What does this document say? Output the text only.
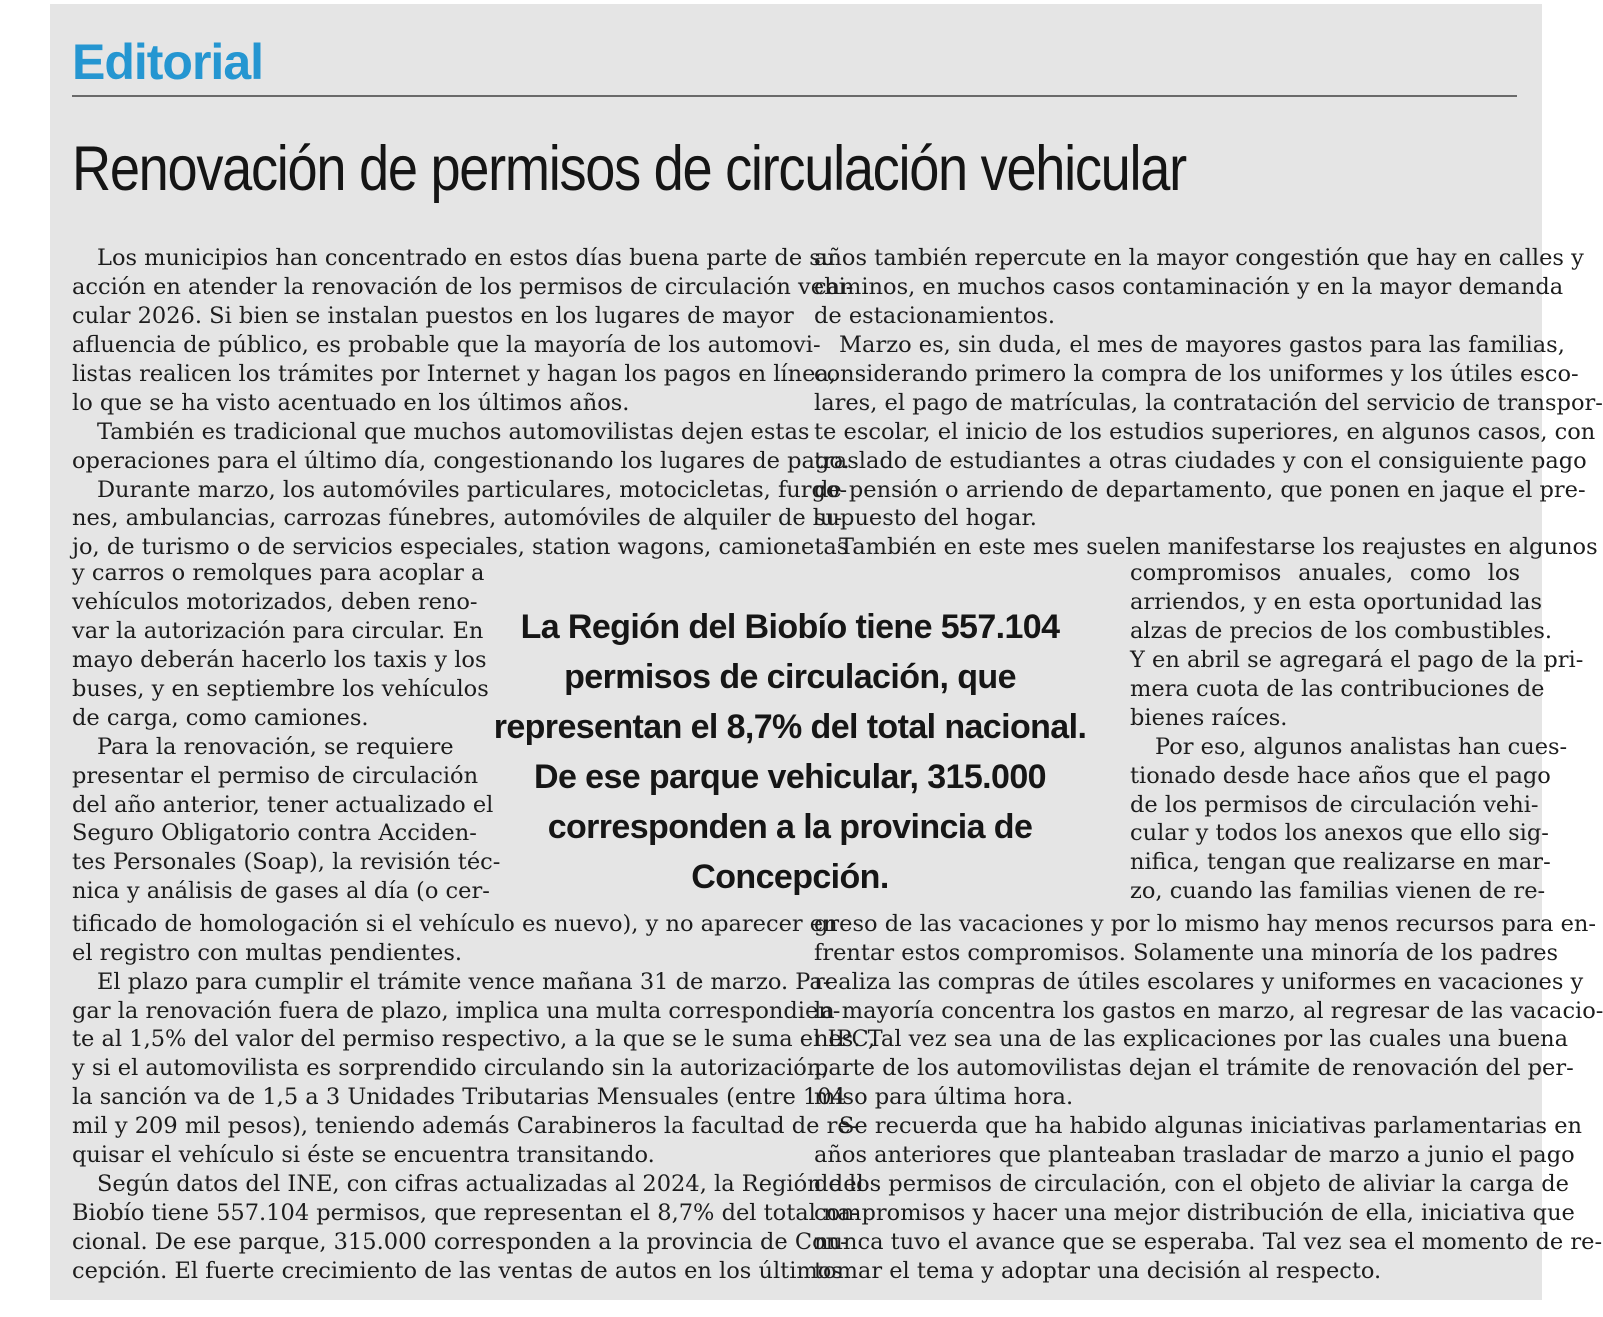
Editorial
Renovación de permisos de circulación vehicular
Los municipios han concentrado en estos días buena parte de su
acción en atender la renovación de los permisos de circulación vehi-
cular 2026. Si bien se instalan puestos en los lugares de mayor
afluencia de público, es probable que la mayoría de los automovi-
listas realicen los trámites por Internet y hagan los pagos en línea,
lo que se ha visto acentuado en los últimos años.
También es tradicional que muchos automovilistas dejen estas
operaciones para el último día, congestionando los lugares de pago.
Durante marzo, los automóviles particulares, motocicletas, furgo-
nes, ambulancias, carrozas fúnebres, automóviles de alquiler de lu-
jo, de turismo o de servicios especiales, station wagons, camionetas
tificado de homologación si el vehículo es nuevo), y no aparecer en
el registro con multas pendientes.
El plazo para cumplir el trámite vence mañana 31 de marzo. Pa-
gar la renovación fuera de plazo, implica una multa correspondien-
te al 1,5% del valor del permiso respectivo, a la que se le suma el IPC,
y si el automovilista es sorprendido circulando sin la autorización,
la sanción va de 1,5 a 3 Unidades Tributarias Mensuales (entre 104
mil y 209 mil pesos), teniendo además Carabineros la facultad de re-
quisar el vehículo si éste se encuentra transitando.
Según datos del INE, con cifras actualizadas al 2024, la Región del
Biobío tiene 557.104 permisos, que representan el 8,7% del total na-
cional. De ese parque, 315.000 corresponden a la provincia de Con-
cepción. El fuerte crecimiento de las ventas de autos en los últimos
y carros o remolques para acoplar a
vehículos motorizados, deben reno-
var la autorización para circular. En
mayo deberán hacerlo los taxis y los
buses, y en septiembre los vehículos
de carga, como camiones.
Para la renovación, se requiere
presentar el permiso de circulación
del año anterior, tener actualizado el
Seguro Obligatorio contra Acciden-
tes Personales (Soap), la revisión téc-
nica y análisis de gases al día (o cer-
años también repercute en la mayor congestión que hay en calles y
caminos, en muchos casos contaminación y en la mayor demanda
de estacionamientos.
Marzo es, sin duda, el mes de mayores gastos para las familias,
considerando primero la compra de los uniformes y los útiles esco-
lares, el pago de matrículas, la contratación del servicio de transpor-
te escolar, el inicio de los estudios superiores, en algunos casos, con
traslado de estudiantes a otras ciudades y con el consiguiente pago
de pensión o arriendo de departamento, que ponen en jaque el pre-
supuesto del hogar.
También en este mes suelen manifestarse los reajustes en algunos
greso de las vacaciones y por lo mismo hay menos recursos para en-
frentar estos compromisos. Solamente una minoría de los padres
realiza las compras de útiles escolares y uniformes en vacaciones y
la mayoría concentra los gastos en marzo, al regresar de las vacacio-
nes. Tal vez sea una de las explicaciones por las cuales una buena
parte de los automovilistas dejan el trámite de renovación del per-
miso para última hora.
Se recuerda que ha habido algunas iniciativas parlamentarias en
años anteriores que planteaban trasladar de marzo a junio el pago
de los permisos de circulación, con el objeto de aliviar la carga de
compromisos y hacer una mejor distribución de ella, iniciativa que
nunca tuvo el avance que se esperaba. Tal vez sea el momento de re-
tomar el tema y adoptar una decisión al respecto.
compromisos anuales, como los
arriendos, y en esta oportunidad las
alzas de precios de los combustibles.
Y en abril se agregará el pago de la pri-
mera cuota de las contribuciones de
bienes raíces.
Por eso, algunos analistas han cues-
tionado desde hace años que el pago
de los permisos de circulación vehi-
cular y todos los anexos que ello sig-
nifica, tengan que realizarse en mar-
zo, cuando las familias vienen de re-

La Región del Biobío tiene 557.104 permisos de circulación, que representan el 8,7% del total nacional. De ese parque vehicular, 315.000 corresponden a la provincia de Concepción.
